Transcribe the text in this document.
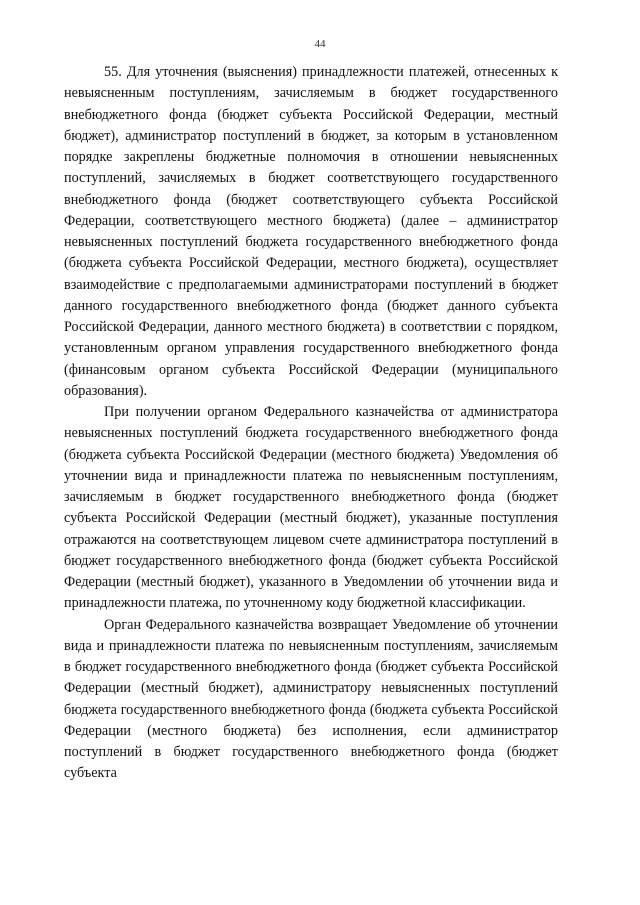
44

55. Для уточнения (выяснения) принадлежности платежей, отнесенных к невыясненным поступлениям, зачисляемым в бюджет государственного внебюджетного фонда (бюджет субъекта Российской Федерации, местный бюджет), администратор поступлений в бюджет, за которым в установленном порядке закреплены бюджетные полномочия в отношении невыясненных поступлений, зачисляемых в бюджет соответствующего государственного внебюджетного фонда (бюджет соответствующего субъекта Российской Федерации, соответствующего местного бюджета) (далее – администратор невыясненных поступлений бюджета государственного внебюджетного фонда (бюджета субъекта Российской Федерации, местного бюджета), осуществляет взаимодействие с предполагаемыми администраторами поступлений в бюджет данного государственного внебюджетного фонда (бюджет данного субъекта Российской Федерации, данного местного бюджета) в соответствии с порядком, установленным органом управления государственного внебюджетного фонда (финансовым органом субъекта Российской Федерации (муниципального образования).

При получении органом Федерального казначейства от администратора невыясненных поступлений бюджета государственного внебюджетного фонда (бюджета субъекта Российской Федерации (местного бюджета) Уведомления об уточнении вида и принадлежности платежа по невыясненным поступлениям, зачисляемым в бюджет государственного внебюджетного фонда (бюджет субъекта Российской Федерации (местный бюджет), указанные поступления отражаются на соответствующем лицевом счете администратора поступлений в бюджет государственного внебюджетного фонда (бюджет субъекта Российской Федерации (местный бюджет), указанного в Уведомлении об уточнении вида и принадлежности платежа, по уточненному коду бюджетной классификации.

Орган Федерального казначейства возвращает Уведомление об уточнении вида и принадлежности платежа по невыясненным поступлениям, зачисляемым в бюджет государственного внебюджетного фонда (бюджет субъекта Российской Федерации (местный бюджет), администратору невыясненных поступлений бюджета государственного внебюджетного фонда (бюджета субъекта Российской Федерации (местного бюджета) без исполнения, если администратор поступлений в бюджет государственного внебюджетного фонда (бюджет субъекта
